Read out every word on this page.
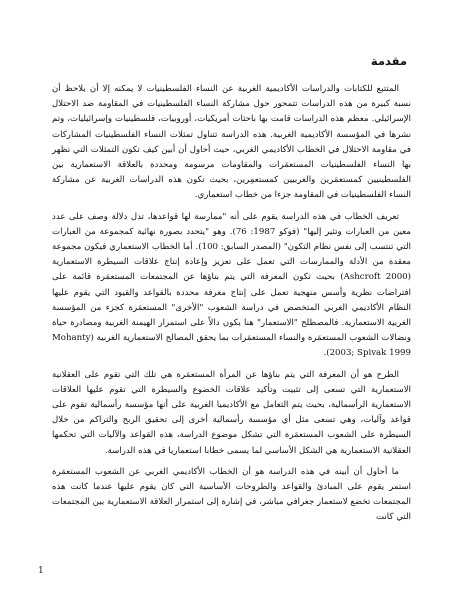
مقدمة

المتتبع للكتابات والدراسات الأكاديمية الغربية عن النساء الفلسطينيات لا يمكنه إلا أن يلاحظ أن نسبة كبيرة من هذه الدراسات تتمحور حول مشاركة النساء الفلسطينيات في المقاومة ضد الاحتلال الإسرائيلي. معظم هذه الدراسات قامت بها باحثات أمريكيات، أوروبيات، فلسطينيات وإسرائيليات، وتم نشرها في المؤسسة الأكاديمية الغربية. هذه الدراسة تتناول تمثلات النساء الفلسطينيات المشاركات في مقاومة الاحتلال في الخطاب الأكاديمي الغربي، حيث أحاول أن أبين كيف تكون التمثلات التي تظهر بها النساء الفلسطينيات المستعمَرات والمقاومات مرسومة ومحددة بالعلاقة الاستعمارية بين الفلسطينيين كمستعمَرين والغربيين كمستعمِرين، بحيث تكون هذه الدراسات الغربية عن مشاركة النساء الفلسطينيات في المقاومة جزءا من خطاب استعماري.

تعريف الخطاب في هذه الدراسة يقوم على أنه "ممارسة لها قواعدها، تدل دلالة وصف على عدد معين من العبارات وتثير إليها" (فوكو 1987: 76). وهو "يتحدد بصورة نهائية كمجموعة من العبارات التي تنتسب إلى نفس نظام التكون" (المصدر السابق: 100). أما الخطاب الاستعماري فيكون مجموعة معقدة من الأدلة والممارسات التي تعمل على تعزيز وإعادة إنتاج علاقات السيطرة الاستعمارية (Ashcroft 2000) بحيث تكون المعرفة التي يتم بناؤها عن المجتمعات المستعمَرة قائمة على افتراضات نظرية وأسس منهجية تعمل على إنتاج معرفة محددة بالقواعد والقيود التي يقوم عليها النظام الأكاديمي الغربي المتخصص في دراسة الشعوب "الأخرى" المستعمَرة كجزء من المؤسسة الغربية الاستعمارية. فالمصطلح "الاستعمار" هنا يكون دالاً على استمرار الهيمنة الغربية ومصادرة حياة ونضالات الشعوب المستعمَرة والنساء المستعمَرات بما يحقق المصالح الاستعمارية الغربية (Mohanty 2003; Spivak 1999).

الطرح هو أن المعرفة التي يتم بناؤها عن المرأة المستعمَرة هي تلك التي تقوم على العقلانية الاستعمارية التي تسعى إلى تثبيت وتأكيد علاقات الخضوع والسيطرة التي تقوم عليها العلاقات الاستعمارية الرأسمالية، بحيث يتم التعامل مع الأكاديميا الغربية على أنها مؤسسة رأسمالية تقوم على قواعد وآليات، وهي تسعى مثل أي مؤسسة رأسمالية أخرى إلى تحقيق الربح والتراكم من خلال السيطرة على الشعوب المستعمَرة التي تشكل موضوع الدراسة، هذه القواعد والآليات التي تحكمها العقلانية الاستعمارية هي الشكل الأساسي لما يسمى خطابا استعماريا في هذه الدراسة.

ما أحاول أن أبينه في هذه الدراسة هو أن الخطاب الأكاديمي الغربي عن الشعوب المستعمَرة استمر يقوم على المبادئ والقواعد والطروحات الأساسية التي كان يقوم عليها عندما كانت هذه المجتمعات تخضع لاستعمار جغرافي مباشر، في إشارة إلى استمرار العلاقة الاستعمارية بين المجتمعات التي كانت

1
